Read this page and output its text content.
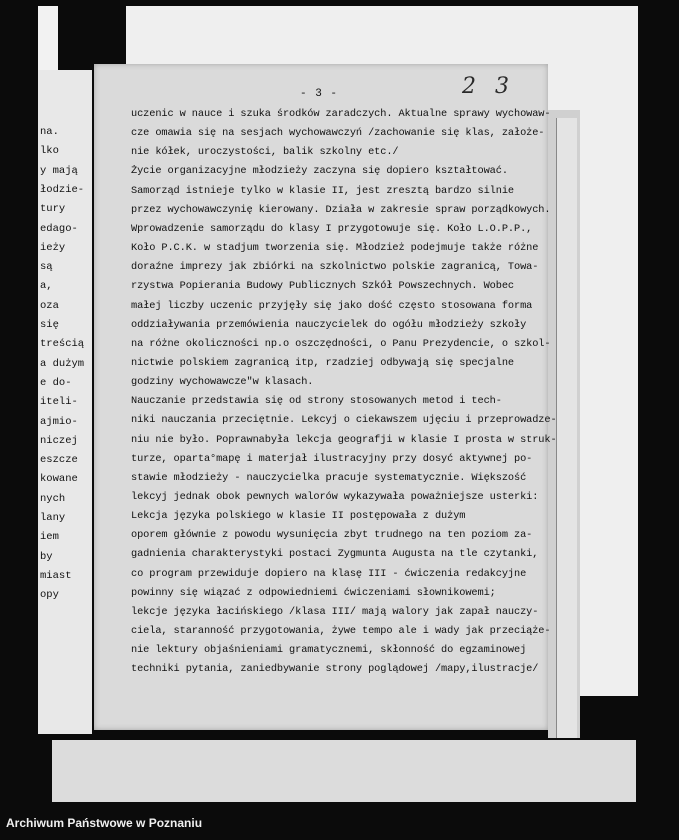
na.
lko
y mają
łodzie-
tury
edago-
ieży
są
a,
oza
się
treścią
a dużym
e do-
iteli-
ajmio-
niczej
eszcze
kowane
nych
lany
iem
by
miast
opy
- 3 -	2 3
uczenic w nauce i szuka środków zaradczych. Aktualne sprawy wychowaw-
cze omawia się na sesjach wychowawczyń /zachowanie się klas, założe-
nie kółek, uroczystości, balik szkolny etc./
Życie organizacyjne młodzieży zaczyna się dopiero kształtować.
Samorząd istnieje tylko w klasie II, jest zresztą bardzo silnie
przez wychowawczynię kierowany. Działa w zakresie spraw porządkowych.
Wprowadzenie samorządu do klasy I przygotowuje się. Koło L.O.P.P.,
Koło P.C.K. w stadjum tworzenia się. Młodzież podejmuje także różne
doraźne imprezy jak zbiórki na szkolnictwo polskie zagranicą, Towa-
rzystwa Popierania Budowy Publicznych Szkół Powszechnych. Wobec
małej liczby uczenic przyjęły się jako dość często stosowana forma
oddziaływania przemówienia nauczycielek do ogółu młodzieży szkoły
na różne okoliczności np.o oszczędności, o Panu Prezydencie, o szkol-
nictwie polskiem zagranicą itp, rzadziej odbywają się specjalne
godziny wychowawcze"w klasach.
Nauczanie przedstawia się od strony stosowanych metod i tech-
niki nauczania przeciętnie. Lekcyj o ciekawszem ujęciu i przeprowadze-
niu nie było. Poprawnabyła lekcja geografji w klasie I prosta w struk-
turze, oparta°mapę i materjał ilustracyjny przy dosyć aktywnej po-
stawie młodzieży - nauczycielka pracuje systematycznie. Większość
lekcyj jednak obok pewnych walorów wykazywała poważniejsze usterki:
Lekcja języka polskiego w klasie II postępowała z dużym
oporem głównie z powodu wysunięcia zbyt trudnego na ten poziom za-
gadnienia charakterystyki postaci Zygmunta Augusta na tle czytanki,
co program przewiduje dopiero na klasę III - ćwiczenia redakcyjne
powinny się wiązać z odpowiedniemi ćwiczeniami słownikowemi;
lekcje języka łacińskiego /klasa III/ mają walory jak zapał nauczy-
ciela, staranność przygotowania, żywe tempo ale i wady jak przeciąże-
nie lektury objaśnieniami gramatycznemi, skłonność do egzaminowej
techniki pytania, zaniedbywanie strony poglądowej /mapy,ilustracje/
Archiwum Państwowe w Poznaniu
